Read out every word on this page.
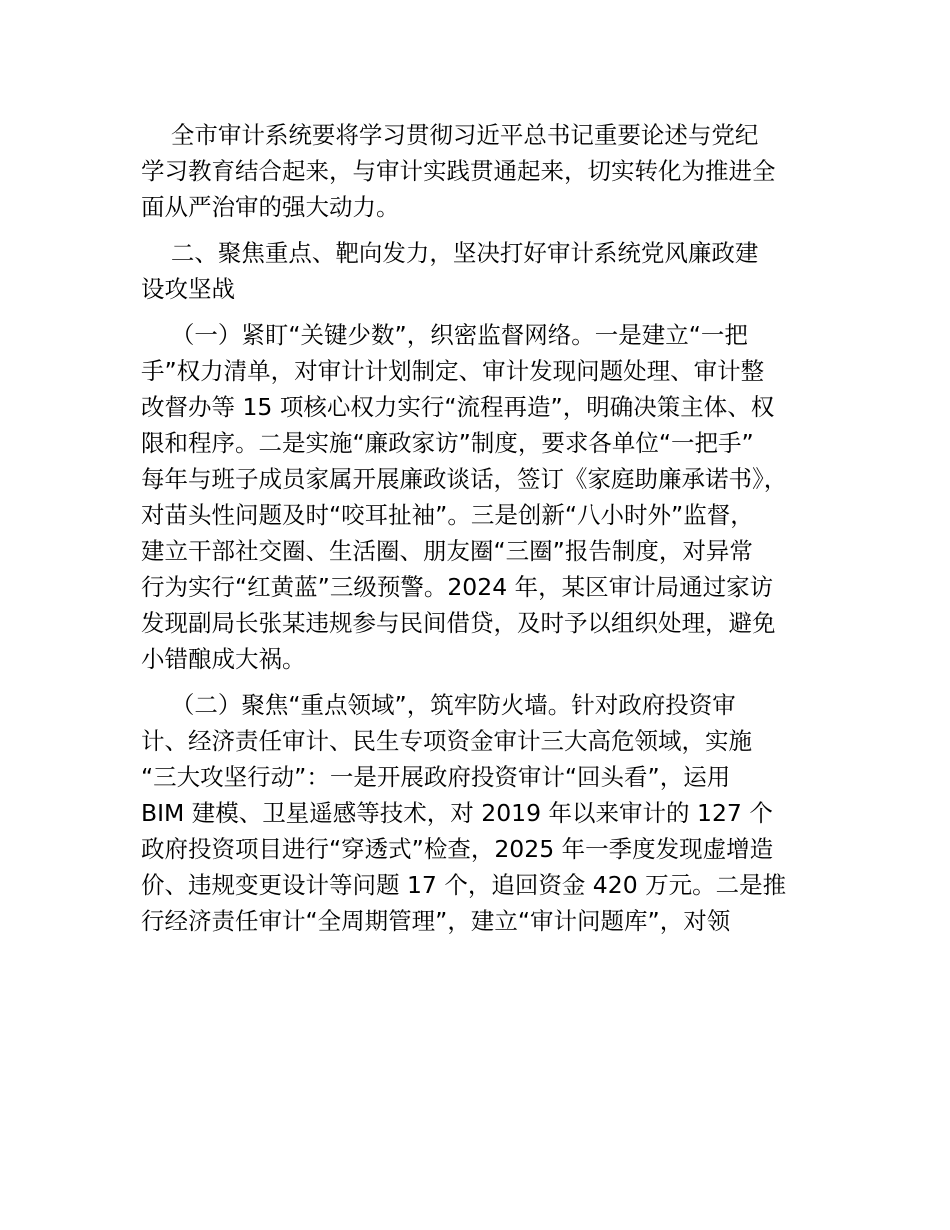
全市审计系统要将学习贯彻习近平总书记重要论述与党纪
学习教育结合起来，与审计实践贯通起来，切实转化为推进全
面从严治审的强大动力。
二、聚焦重点、靶向发力，坚决打好审计系统党风廉政建
设攻坚战
（一）紧盯“关键少数”，织密监督网络。一是建立“一把
手”权力清单，对审计计划制定、审计发现问题处理、审计整
改督办等 15 项核心权力实行“流程再造”，明确决策主体、权
限和程序。二是实施“廉政家访”制度，要求各单位“一把手”
每年与班子成员家属开展廉政谈话，签订《家庭助廉承诺书》，
对苗头性问题及时“咬耳扯袖”。三是创新“八小时外”监督，
建立干部社交圈、生活圈、朋友圈“三圈”报告制度，对异常
行为实行“红黄蓝”三级预警。2024 年，某区审计局通过家访
发现副局长张某违规参与民间借贷，及时予以组织处理，避免
小错酿成大祸。
（二）聚焦“重点领域”，筑牢防火墙。针对政府投资审
计、经济责任审计、民生专项资金审计三大高危领域，实施
“三大攻坚行动”：一是开展政府投资审计“回头看”，运用
BIM 建模、卫星遥感等技术，对 2019 年以来审计的 127 个
政府投资项目进行“穿透式”检查，2025 年一季度发现虚增造
价、违规变更设计等问题 17 个，追回资金 420 万元。二是推
行经济责任审计“全周期管理”，建立“审计问题库”，对领
